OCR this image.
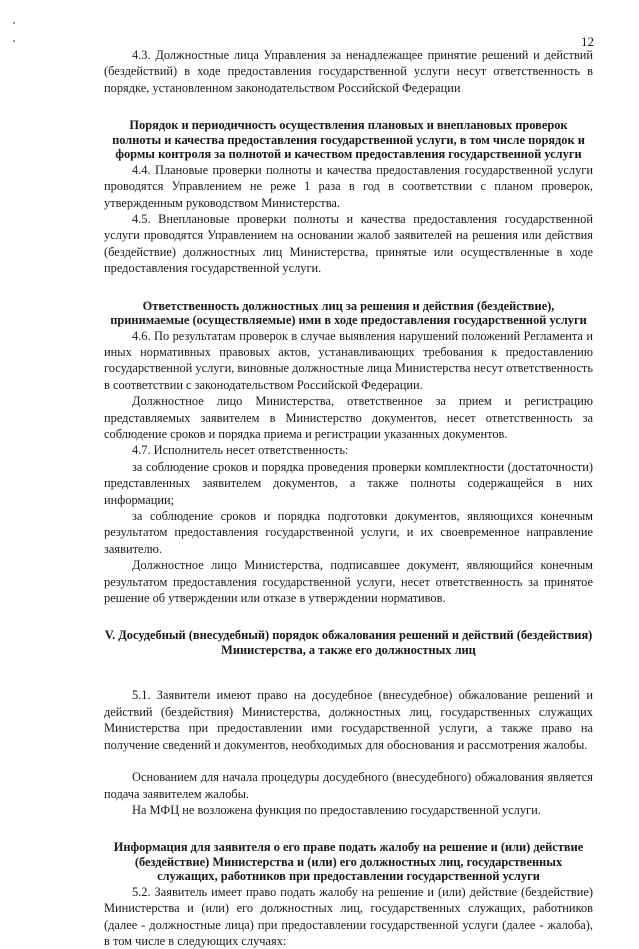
12

4.3. Должностные лица Управления за ненадлежащее принятие решений и действий (бездействий) в ходе предоставления государственной услуги несут ответственность в порядке, установленном законодательством Российской Федерации

Порядок и периодичность осуществления плановых и внеплановых проверок полноты и качества предоставления государственной услуги, в том числе порядок и формы контроля за полнотой и качеством предоставления государственной услуги

4.4. Плановые проверки полноты и качества предоставления государственной услуги проводятся Управлением не реже 1 раза в год в соответствии с планом проверок, утвержденным руководством Министерства.

4.5. Внеплановые проверки полноты и качества предоставления государственной услуги проводятся Управлением на основании жалоб заявителей на решения или действия (бездействие) должностных лиц Министерства, принятые или осуществленные в ходе предоставления государственной услуги.

Ответственность должностных лиц за решения и действия (бездействие), принимаемые (осуществляемые) ими в ходе предоставления государственной услуги

4.6. По результатам проверок в случае выявления нарушений положений Регламента и иных нормативных правовых актов, устанавливающих требования к предоставлению государственной услуги, виновные должностные лица Министерства несут ответственность в соответствии с законодательством Российской Федерации.

Должностное лицо Министерства, ответственное за прием и регистрацию представляемых заявителем в Министерство документов, несет ответственность за соблюдение сроков и порядка приема и регистрации указанных документов.

4.7. Исполнитель несет ответственность:

за соблюдение сроков и порядка проведения проверки комплектности (достаточности) представленных заявителем документов, а также полноты содержащейся в них информации;

за соблюдение сроков и порядка подготовки документов, являющихся конечным результатом предоставления государственной услуги, и их своевременное направление заявителю.

Должностное лицо Министерства, подписавшее документ, являющийся конечным результатом предоставления государственной услуги, несет ответственность за принятое решение об утверждении или отказе в утверждении нормативов.

V. Досудебный (внесудебный) порядок обжалования решений и действий (бездействия) Министерства, а также его должностных лиц

5.1. Заявители имеют право на досудебное (внесудебное) обжалование решений и действий (бездействия) Министерства, должностных лиц, государственных служащих Министерства при предоставлении ими государственной услуги, а также право на получение сведений и документов, необходимых для обоснования и рассмотрения жалобы.

Основанием для начала процедуры досудебного (внесудебного) обжалования является подача заявителем жалобы.

На МФЦ не возложена функция по предоставлению государственной услуги.

Информация для заявителя о его праве подать жалобу на решение и (или) действие (бездействие) Министерства и (или) его должностных лиц, государственных служащих, работников при предоставлении государственной услуги

5.2. Заявитель имеет право подать жалобу на решение и (или) действие (бездействие) Министерства и (или) его должностных лиц, государственных служащих, работников (далее - должностные лица) при предоставлении государственной услуги (далее - жалоба), в том числе в следующих случаях:
